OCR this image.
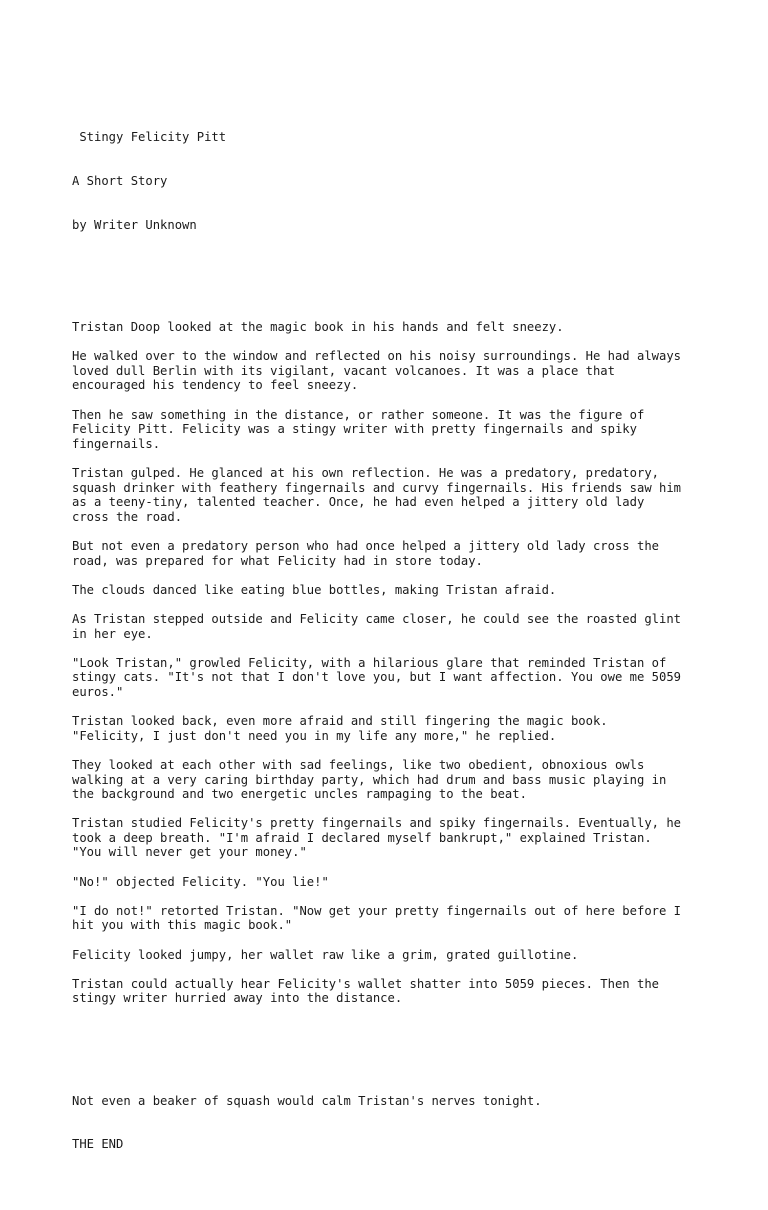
Stingy Felicity Pitt

A Short Story

by Writer Unknown

Tristan Doop looked at the magic book in his hands and felt sneezy.
He walked over to the window and reflected on his noisy surroundings. He had always
loved dull Berlin with its vigilant, vacant volcanoes. It was a place that
encouraged his tendency to feel sneezy.
Then he saw something in the distance, or rather someone. It was the figure of
Felicity Pitt. Felicity was a stingy writer with pretty fingernails and spiky
fingernails.
Tristan gulped. He glanced at his own reflection. He was a predatory, predatory,
squash drinker with feathery fingernails and curvy fingernails. His friends saw him
as a teeny-tiny, talented teacher. Once, he had even helped a jittery old lady
cross the road.
But not even a predatory person who had once helped a jittery old lady cross the
road, was prepared for what Felicity had in store today.
The clouds danced like eating blue bottles, making Tristan afraid.
As Tristan stepped outside and Felicity came closer, he could see the roasted glint
in her eye.
"Look Tristan," growled Felicity, with a hilarious glare that reminded Tristan of
stingy cats. "It's not that I don't love you, but I want affection. You owe me 5059
euros."
Tristan looked back, even more afraid and still fingering the magic book.
"Felicity, I just don't need you in my life any more," he replied.
They looked at each other with sad feelings, like two obedient, obnoxious owls
walking at a very caring birthday party, which had drum and bass music playing in
the background and two energetic uncles rampaging to the beat.
Tristan studied Felicity's pretty fingernails and spiky fingernails. Eventually, he
took a deep breath. "I'm afraid I declared myself bankrupt," explained Tristan.
"You will never get your money."
"No!" objected Felicity. "You lie!"
"I do not!" retorted Tristan. "Now get your pretty fingernails out of here before I
hit you with this magic book."
Felicity looked jumpy, her wallet raw like a grim, grated guillotine.
Tristan could actually hear Felicity's wallet shatter into 5059 pieces. Then the
stingy writer hurried away into the distance.

Not even a beaker of squash would calm Tristan's nerves tonight.

THE END
